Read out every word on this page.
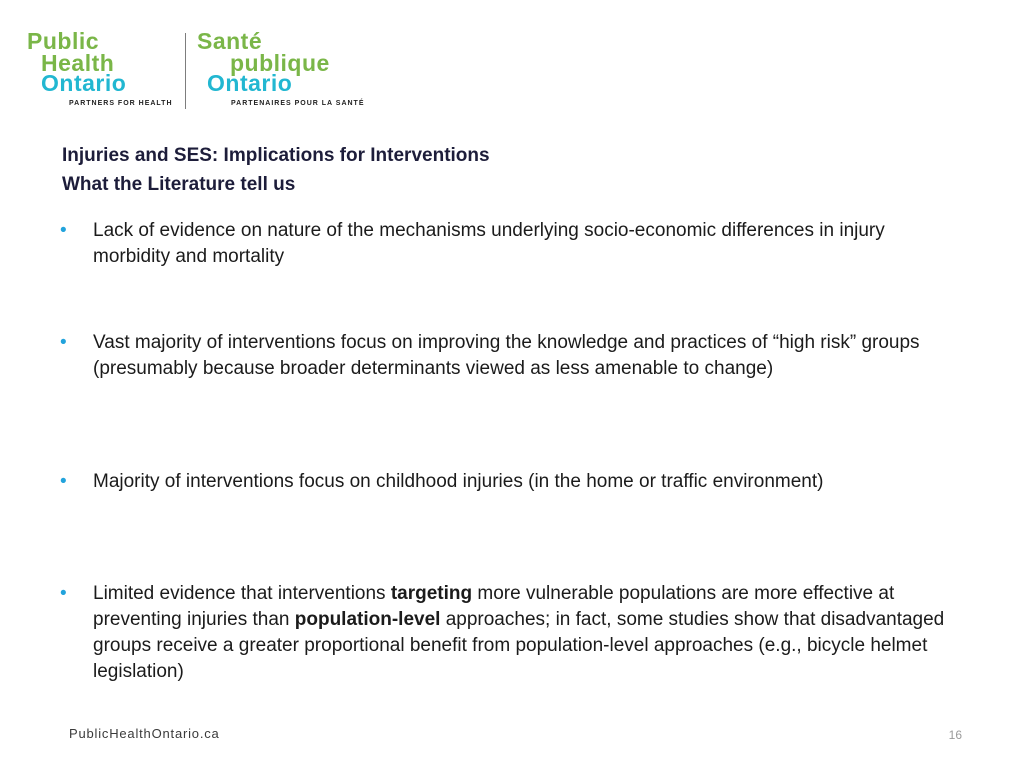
Public
Health
Ontario
PARTNERS FOR HEALTH
Santé
publique
Ontario
PARTENAIRES POUR LA SANTÉ
Injuries and SES: Implications for Interventions
What the Literature tell us
• Lack of evidence on nature of the mechanisms underlying socio-economic differences in injury morbidity and mortality
• Vast majority of interventions focus on improving the knowledge and practices of “high risk” groups (presumably because broader determinants viewed as less amenable to change)
• Majority of interventions focus on childhood injuries (in the home or traffic environment)
• Limited evidence that interventions targeting more vulnerable populations are more effective at preventing injuries than population-level approaches; in fact, some studies show that disadvantaged groups receive a greater proportional benefit from population-level approaches (e.g., bicycle helmet legislation)
PublicHealthOntario.ca	16
